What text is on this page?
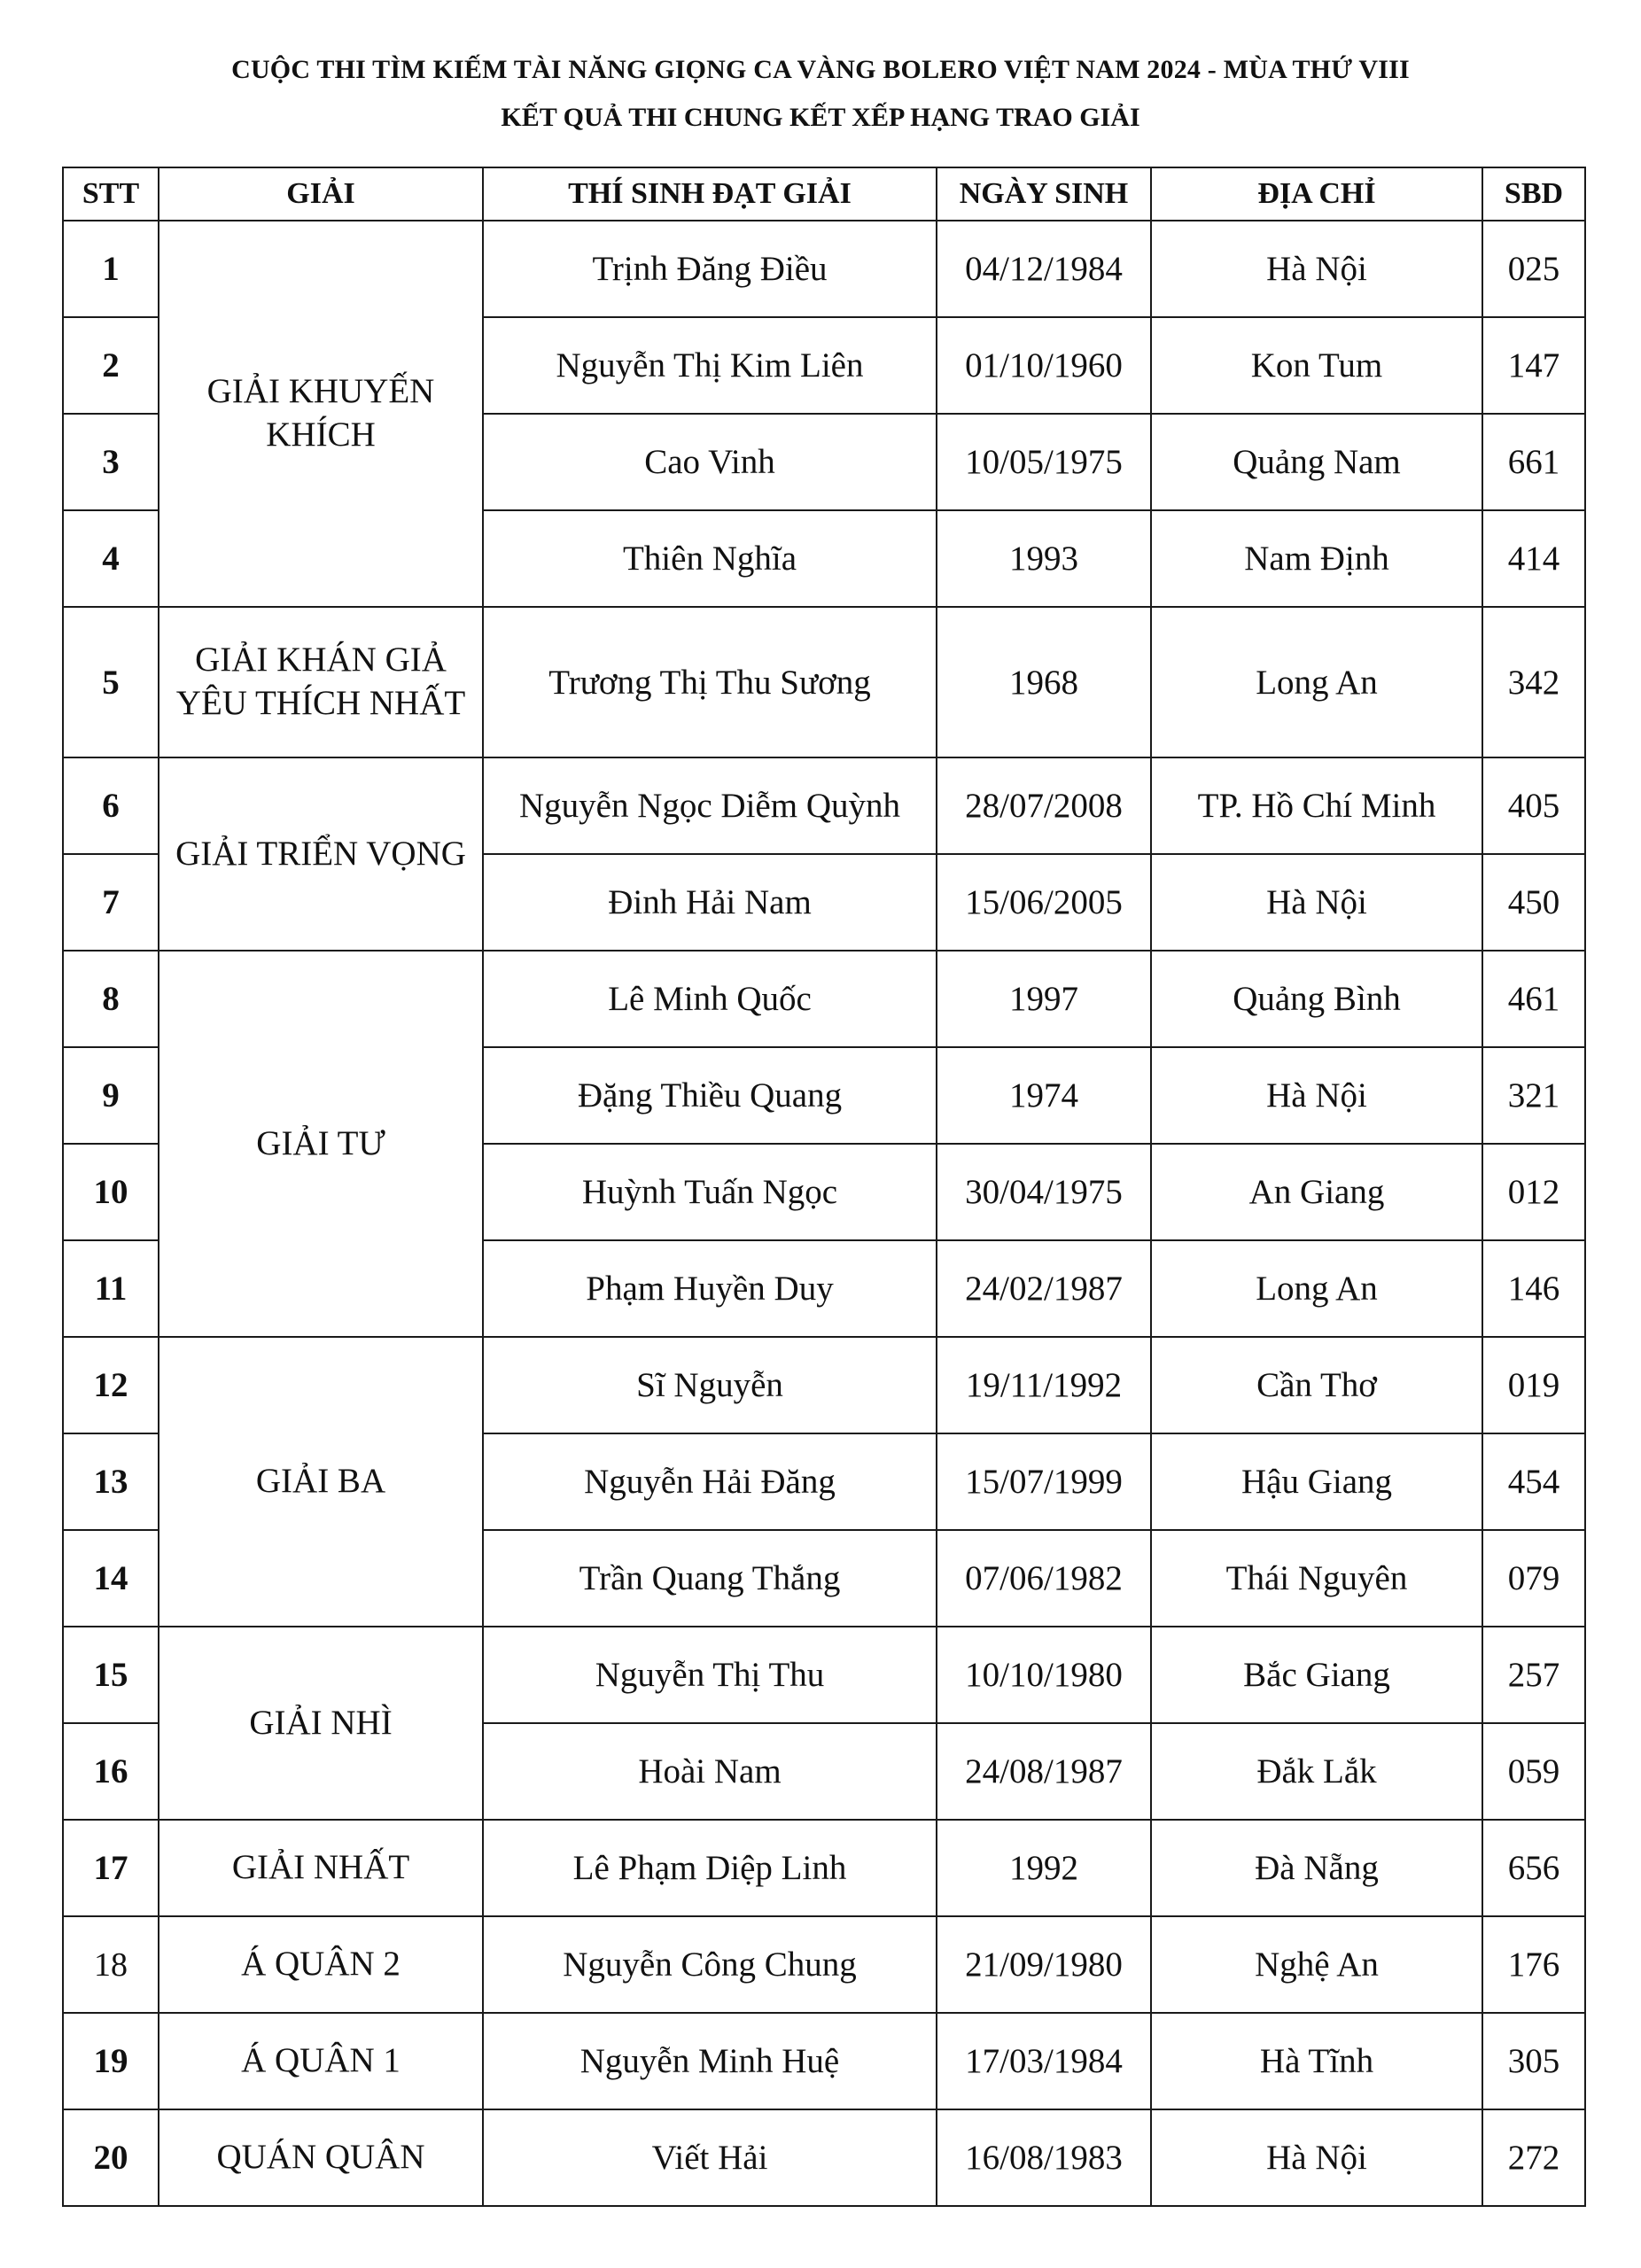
CUỘC THI TÌM KIẾM TÀI NĂNG GIỌNG CA VÀNG BOLERO VIỆT NAM 2024 - MÙA THỨ VIII
KẾT QUẢ THI CHUNG KẾT XẾP HẠNG TRAO GIẢI
STT	GIẢI	THÍ SINH ĐẠT GIẢI	NGÀY SINH	ĐỊA CHỈ	SBD
1	GIẢI KHUYẾN KHÍCH	Trịnh Đăng Điều	04/12/1984	Hà Nội	025
2		Nguyễn Thị Kim Liên	01/10/1960	Kon Tum	147
3		Cao Vinh	10/05/1975	Quảng Nam	661
4		Thiên Nghĩa	1993	Nam Định	414
5	GIẢI KHÁN GIẢ YÊU THÍCH NHẤT	Trương Thị Thu Sương	1968	Long An	342
6	GIẢI TRIỂN VỌNG	Nguyễn Ngọc Diễm Quỳnh	28/07/2008	TP. Hồ Chí Minh	405
7		Đinh Hải Nam	15/06/2005	Hà Nội	450
8	GIẢI TƯ	Lê Minh Quốc	1997	Quảng Bình	461
9		Đặng Thiều Quang	1974	Hà Nội	321
10		Huỳnh Tuấn Ngọc	30/04/1975	An Giang	012
11		Phạm Huyền Duy	24/02/1987	Long An	146
12	GIẢI BA	Sĩ Nguyễn	19/11/1992	Cần Thơ	019
13		Nguyễn Hải Đăng	15/07/1999	Hậu Giang	454
14		Trần Quang Thắng	07/06/1982	Thái Nguyên	079
15	GIẢI NHÌ	Nguyễn Thị Thu	10/10/1980	Bắc Giang	257
16		Hoài Nam	24/08/1987	Đắk Lắk	059
17	GIẢI NHẤT	Lê Phạm Diệp Linh	1992	Đà Nẵng	656
18	Á QUÂN 2	Nguyễn Công Chung	21/09/1980	Nghệ An	176
19	Á QUÂN 1	Nguyễn Minh Huệ	17/03/1984	Hà Tĩnh	305
20	QUÁN QUÂN	Viết Hải	16/08/1983	Hà Nội	272
